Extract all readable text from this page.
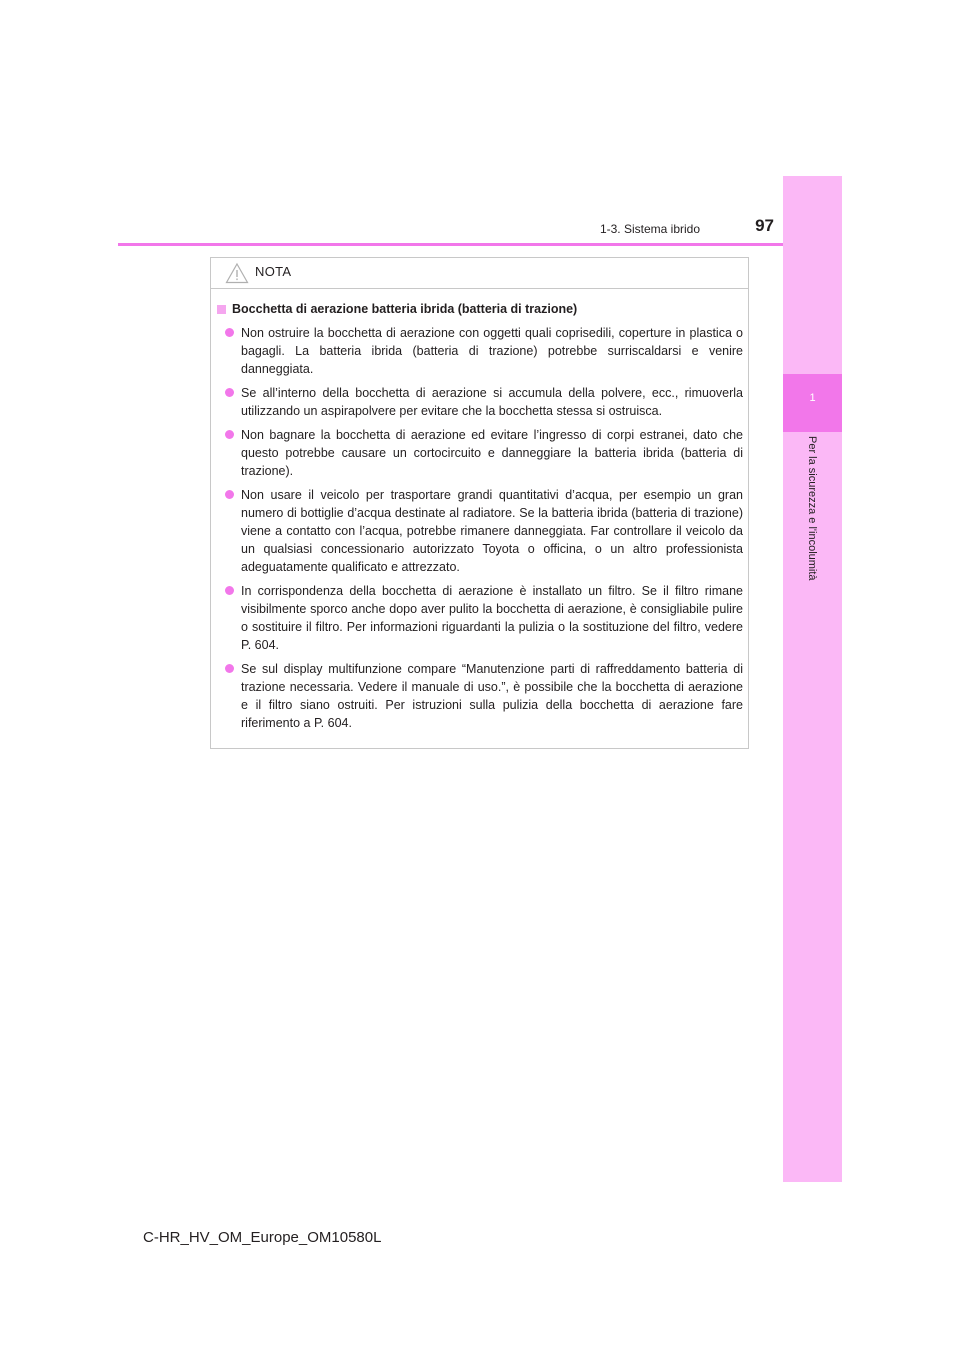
1
Per la sicurezza e l'incolumità
1-3. Sistema ibrido	97
NOTA
Bocchetta di aerazione batteria ibrida (batteria di trazione)
Non ostruire la bocchetta di aerazione con oggetti quali coprisedili, coperture in plastica o bagagli. La batteria ibrida (batteria di trazione) potrebbe surriscaldarsi e venire danneggiata.
Se all’interno della bocchetta di aerazione si accumula della polvere, ecc., rimuoverla utilizzando un aspirapolvere per evitare che la bocchetta stessa si ostruisca.
Non bagnare la bocchetta di aerazione ed evitare l’ingresso di corpi estranei, dato che questo potrebbe causare un cortocircuito e danneggiare la batteria ibrida (batteria di trazione).
Non usare il veicolo per trasportare grandi quantitativi d’acqua, per esempio un gran numero di bottiglie d’acqua destinate al radiatore. Se la batteria ibrida (batteria di trazione) viene a contatto con l’acqua, potrebbe rimanere danneggiata. Far controllare il veicolo da un qualsiasi concessionario autorizzato Toyota o officina, o un altro professionista adeguatamente qualificato e attrezzato.
In corrispondenza della bocchetta di aerazione è installato un filtro. Se il filtro rimane visibilmente sporco anche dopo aver pulito la bocchetta di aerazione, è consigliabile pulire o sostituire il filtro. Per informazioni riguardanti la pulizia o la sostituzione del filtro, vedere P. 604.
Se sul display multifunzione compare “Manutenzione parti di raffreddamento batteria di trazione necessaria. Vedere il manuale di uso.”, è possibile che la bocchetta di aerazione e il filtro siano ostruiti. Per istruzioni sulla pulizia della bocchetta di aerazione fare riferimento a P. 604.
C-HR_HV_OM_Europe_OM10580L
